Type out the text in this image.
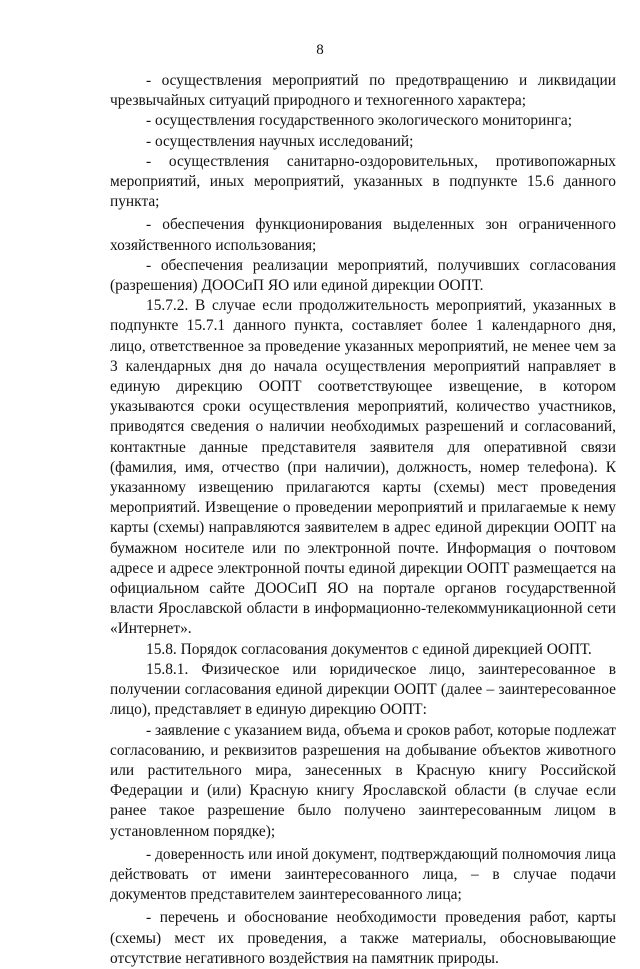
8

- осуществления мероприятий по предотвращению и ликвидации чрезвычайных ситуаций природного и техногенного характера;

- осуществления государственного экологического мониторинга;

- осуществления научных исследований;

- осуществления санитарно-оздоровительных, противопожарных мероприятий, иных мероприятий, указанных в подпункте 15.6 данного пункта;

- обеспечения функционирования выделенных зон ограниченного хозяйственного использования;

- обеспечения реализации мероприятий, получивших согласования (разрешения) ДООСиП ЯО или единой дирекции ООПТ.

15.7.2. В случае если продолжительность мероприятий, указанных в подпункте 15.7.1 данного пункта, составляет более 1 календарного дня, лицо, ответственное за проведение указанных мероприятий, не менее чем за 3 календарных дня до начала осуществления мероприятий направляет в единую дирекцию ООПТ соответствующее извещение, в котором указываются сроки осуществления мероприятий, количество участников, приводятся сведения о наличии необходимых разрешений и согласований, контактные данные представителя заявителя для оперативной связи (фамилия, имя, отчество (при наличии), должность, номер телефона). К указанному извещению прилагаются карты (схемы) мест проведения мероприятий. Извещение о проведении мероприятий и прилагаемые к нему карты (схемы) направляются заявителем в адрес единой дирекции ООПТ на бумажном носителе или по электронной почте. Информация о почтовом адресе и адресе электронной почты единой дирекции ООПТ размещается на официальном сайте ДООСиП ЯО на портале органов государственной власти Ярославской области в информационно-телекоммуникационной сети «Интернет».

15.8. Порядок согласования документов с единой дирекцией ООПТ.

15.8.1. Физическое или юридическое лицо, заинтересованное в получении согласования единой дирекции ООПТ (далее – заинтересованное лицо), представляет в единую дирекцию ООПТ:

- заявление с указанием вида, объема и сроков работ, которые подлежат согласованию, и реквизитов разрешения на добывание объектов животного или растительного мира, занесенных в Красную книгу Российской Федерации и (или) Красную книгу Ярославской области (в случае если ранее такое разрешение было получено заинтересованным лицом в установленном порядке);

- доверенность или иной документ, подтверждающий полномочия лица действовать от имени заинтересованного лица, – в случае подачи документов представителем заинтересованного лица;

- перечень и обоснование необходимости проведения работ, карты (схемы) мест их проведения, а также материалы, обосновывающие отсутствие негативного воздействия на памятник природы.
